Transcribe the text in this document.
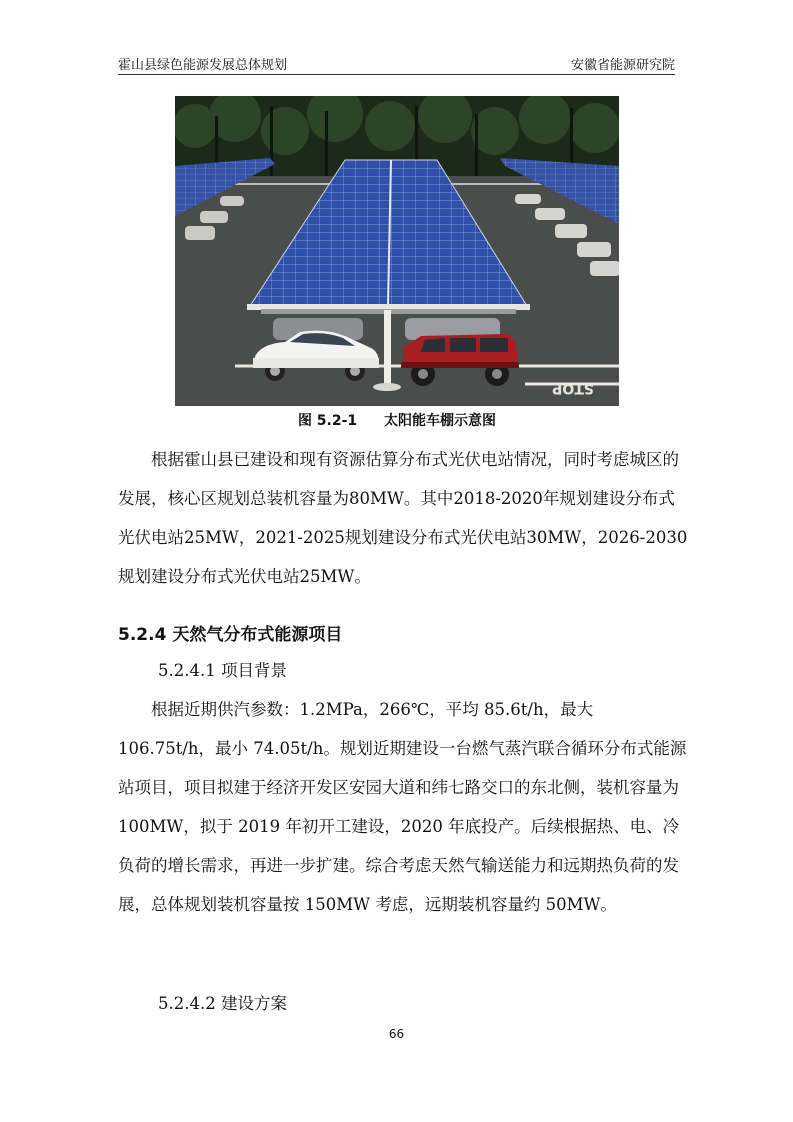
霍山县绿色能源发展总体规划	安徽省能源研究院
STOP
图 5.2-1 太阳能车棚示意图

根据霍山县已建设和现有资源估算分布式光伏电站情况，同时考虑城区的发展，核心区规划总装机容量为80MW。其中2018-2020年规划建设分布式光伏电站25MW，2021-2025规划建设分布式光伏电站30MW，2026-2030规划建设分布式光伏电站25MW。

5.2.4 天然气分布式能源项目
5.2.4.1 项目背景

根据近期供汽参数：1.2MPa，266℃，平均 85.6t/h，最大 106.75t/h，最小 74.05t/h。规划近期建设一台燃气蒸汽联合循环分布式能源站项目，项目拟建于经济开发区安园大道和纬七路交口的东北侧，装机容量为 100MW，拟于 2019 年初开工建设，2020 年底投产。后续根据热、电、冷负荷的增长需求，再进一步扩建。综合考虑天然气输送能力和远期热负荷的发展，总体规划装机容量按 150MW 考虑，远期装机容量约 50MW。

5.2.4.2 建设方案
66
